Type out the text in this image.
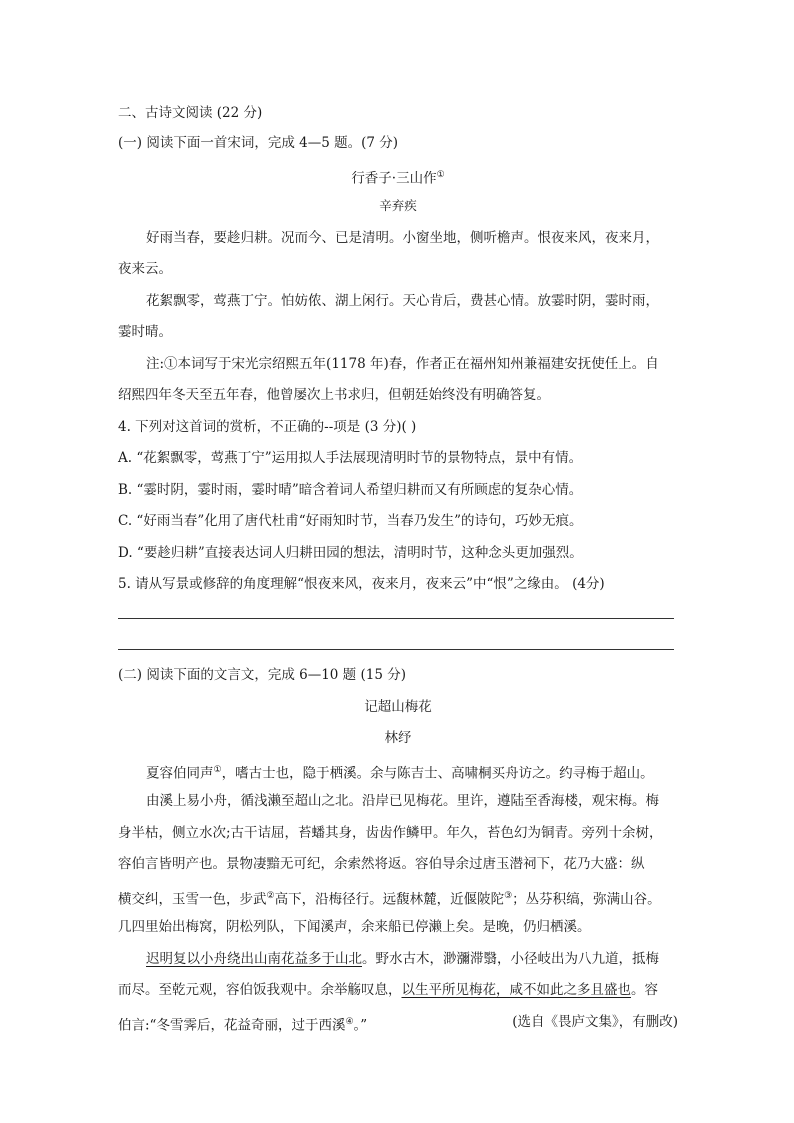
二、古诗文阅读 (22 分)
(一) 阅读下面一首宋词，完成 4—5 题。(7 分)
行香子·三山作①
辛弃疾
好雨当春，要趁归耕。况而今、已是清明。小窗坐地，侧听檐声。恨夜来风，夜来月，
夜来云。
花絮飘零，莺燕丁宁。怕妨侬、湖上闲行。天心肯后，费甚心情。放霎时阴，霎时雨，
霎时晴。
注:①本词写于宋光宗绍熙五年(1178 年)春，作者正在福州知州兼福建安抚使任上。自
绍熙四年冬天至五年春，他曾屡次上书求归，但朝廷始终没有明确答复。
4. 下列对这首词的赏析，不正确的--项是 (3 分)( )
A. “花絮飘零，莺燕丁宁”运用拟人手法展现清明时节的景物特点，景中有情。
B. “霎时阴，霎时雨，霎时晴”暗含着词人希望归耕而又有所顾虑的复杂心情。
C. “好雨当春”化用了唐代杜甫“好雨知时节，当春乃发生”的诗句，巧妙无痕。
D. “要趁归耕”直接表达词人归耕田园的想法，清明时节，这种念头更加强烈。
5. 请从写景或修辞的角度理解“恨夜来风，夜来月，夜来云”中“恨”之缘由。 (4分)
(二) 阅读下面的文言文，完成 6—10 题 (15 分)
记超山梅花
林纾
夏容伯同声①，嗜古士也，隐于栖溪。余与陈吉士、高啸桐买舟访之。约寻梅于超山。
由溪上易小舟，循浅濑至超山之北。沿岸已见梅花。里许，遵陆至香海楼，观宋梅。梅
身半枯，侧立水次;古干诘屈，苔蟠其身，齿齿作鳞甲。年久，苔色幻为铜青。旁列十余树，
容伯言皆明产也。景物凄黯无可纪，余索然将返。容伯导余过唐玉潜祠下，花乃大盛：纵
横交纠，玉雪一色，步武②高下，沿梅径行。远馥林麓，近偃陂陀③；丛芬积缟，弥满山谷。
几四里始出梅窝，阴松列队，下闻溪声，余来船已停濑上矣。是晚，仍归栖溪。
迟明复以小舟绕出山南花益多于山北。野水古木，渺瀰滞翳，小径岐出为八九道，抵梅
而尽。至乾元观，容伯饭我观中。余举觞叹息，以生平所见梅花，咸不如此之多且盛也。容
伯言:“冬雪霁后，花益奇丽，过于西溪④。”	(选自《畏庐文集》，有删改)
